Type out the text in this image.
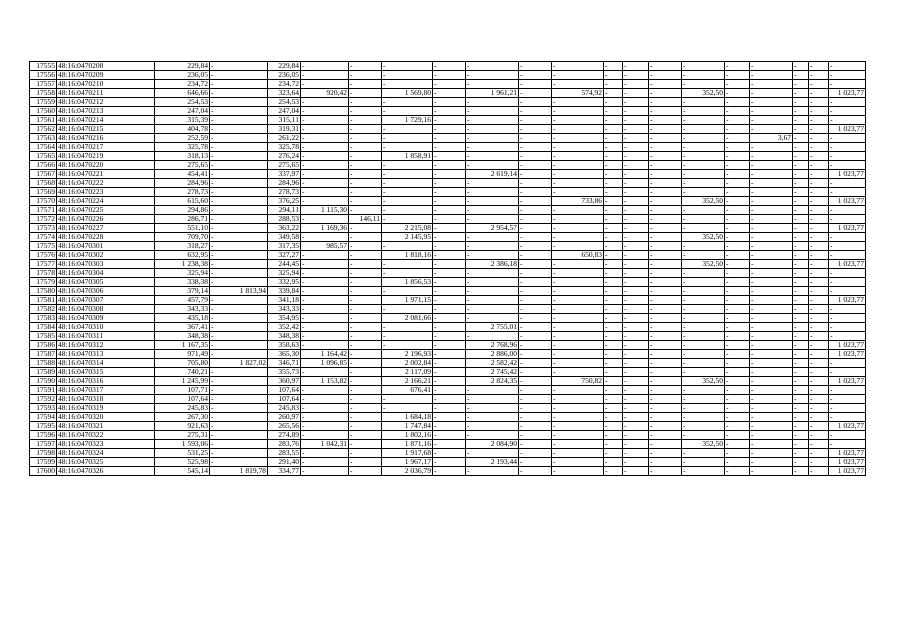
17555	48:16:0470208	229,84	-	229,84	-	-	-	-	-	-	-	-	-	-	-	-	-	-	-	-
17556	48:16:0470209	236,05	-	236,05	-	-	-	-	-	-	-	-	-	-	-	-	-	-	-	-
17557	48:16:0470210	234,72	-	234,72	-	-	-	-	-	-	-	-	-	-	-	-	-	-	-	-
17558	48:16:0470211	646,66	-	323,64	920,42	-	1 569,80	-	1 961,21	-	574,92	-	-	-	352,50	-	-	-	-	1 023,77
17559	48:16:0470212	254,53	-	254,53	-	-	-	-	-	-	-	-	-	-	-	-	-	-	-	-
17560	48:16:0470213	247,04	-	247,04	-	-	-	-	-	-	-	-	-	-	-	-	-	-	-	-
17561	48:16:0470214	315,39	-	315,11	-	-	1 729,16	-	-	-	-	-	-	-	-	-	-	-	-	-
17562	48:16:0470215	404,78	-	319,31	-	-	-	-	-	-	-	-	-	-	-	-	-	-	-	1 023,77
17563	48:16:0470216	252,59	-	261,22	-	-	-	-	-	-	-	-	-	-	-	-	3,67	-	-	-
17564	48:16:0470217	325,78	-	325,78	-	-	-	-	-	-	-	-	-	-	-	-	-	-	-	-
17565	48:16:0470219	318,13	-	276,24	-	-	1 858,91	-	-	-	-	-	-	-	-	-	-	-	-	-
17566	48:16:0470220	275,65	-	275,65	-	-	-	-	-	-	-	-	-	-	-	-	-	-	-	-
17567	48:16:0470221	454,41	-	337,97	-	-	-	-	2 619,14	-	-	-	-	-	-	-	-	-	-	1 023,77
17568	48:16:0470222	284,96	-	284,96	-	-	-	-	-	-	-	-	-	-	-	-	-	-	-	-
17569	48:16:0470223	278,73	-	278,73	-	-	-	-	-	-	-	-	-	-	-	-	-	-	-	-
17570	48:16:0470224	615,60	-	376,25	-	-	-	-	-	-	733,86	-	-	-	352,50	-	-	-	-	1 023,77
17571	48:16:0470225	294,86	-	294,11	1 115,30	-	-	-	-	-	-	-	-	-	-	-	-	-	-	-
17572	48:16:0470226	286,71	-	288,53	-	146,11	-	-	-	-	-	-	-	-	-	-	-	-	-	-
17573	48:16:0470227	551,10	-	363,22	1 169,36	-	2 215,08	-	2 954,57	-	-	-	-	-	-	-	-	-	-	1 023,77
17574	48:16:0470228	709,70	-	349,58	-	-	2 145,95	-	-	-	-	-	-	-	352,50	-	-	-	-	-
17575	48:16:0470301	318,27	-	317,35	985,57	-	-	-	-	-	-	-	-	-	-	-	-	-	-	-
17576	48:16:0470302	632,95	-	327,27	-	-	1 818,16	-	-	-	650,83	-	-	-	-	-	-	-	-	-
17577	48:16:0470303	1 238,38	-	244,45	-	-	-	-	2 386,18	-	-	-	-	-	352,50	-	-	-	-	1 023,77
17578	48:16:0470304	325,94	-	325,94	-	-	-	-	-	-	-	-	-	-	-	-	-	-	-	-
17579	48:16:0470305	338,38	-	332,95	-	-	1 856,53	-	-	-	-	-	-	-	-	-	-	-	-	-
17580	48:16:0470306	379,14	1 813,94	339,84	-	-	-	-	-	-	-	-	-	-	-	-	-	-	-	-
17581	48:16:0470307	457,79	-	341,18	-	-	1 971,15	-	-	-	-	-	-	-	-	-	-	-	-	1 023,77
17582	48:16:0470308	343,33	-	343,33	-	-	-	-	-	-	-	-	-	-	-	-	-	-	-	-
17583	48:16:0470309	435,18	-	354,95	-	-	2 081,66	-	-	-	-	-	-	-	-	-	-	-	-	-
17584	48:16:0470310	367,41	-	352,42	-	-	-	-	2 755,01	-	-	-	-	-	-	-	-	-	-	-
17585	48:16:0470311	348,38	-	348,38	-	-	-	-	-	-	-	-	-	-	-	-	-	-	-	-
17586	48:16:0470312	1 167,35	-	358,63	-	-	-	-	2 768,96	-	-	-	-	-	-	-	-	-	-	1 023,77
17587	48:16:0470313	971,49	-	365,30	1 164,42	-	2 196,93	-	2 886,00	-	-	-	-	-	-	-	-	-	-	1 023,77
17588	48:16:0470314	705,80	1 827,02	346,71	1 096,85	-	2 002,84	-	2 582,42	-	-	-	-	-	-	-	-	-	-	-
17589	48:16:0470315	740,21	-	355,73	-	-	2 117,09	-	2 745,42	-	-	-	-	-	-	-	-	-	-	-
17590	48:16:0470316	1 245,99	-	360,97	1 153,82	-	2 166,21	-	2 824,35	-	750,82	-	-	-	352,50	-	-	-	-	1 023,77
17591	48:16:0470317	107,71	-	107,64	-	-	676,41	-	-	-	-	-	-	-	-	-	-	-	-	-
17592	48:16:0470318	107,64	-	107,64	-	-	-	-	-	-	-	-	-	-	-	-	-	-	-	-
17593	48:16:0470319	245,83	-	245,83	-	-	-	-	-	-	-	-	-	-	-	-	-	-	-	-
17594	48:16:0470320	267,30	-	260,97	-	-	1 684,18	-	-	-	-	-	-	-	-	-	-	-	-	-
17595	48:16:0470321	921,63	-	265,56	-	-	1 747,84	-	-	-	-	-	-	-	-	-	-	-	-	1 023,77
17596	48:16:0470322	275,31	-	274,89	-	-	1 802,16	-	-	-	-	-	-	-	-	-	-	-	-	-
17597	48:16:0470323	1 593,06	-	283,76	1 042,31	-	1 871,16	-	2 084,90	-	-	-	-	-	352,50	-	-	-	-	-
17598	48:16:0470324	531,25	-	283,55	-	-	1 917,68	-	-	-	-	-	-	-	-	-	-	-	-	1 023,77
17599	48:16:0470325	525,98	-	291,40	-	-	1 967,17	-	2 193,44	-	-	-	-	-	-	-	-	-	-	1 023,77
17600	48:16:0470326	545,14	1 819,78	334,77	-	-	2 036,79	-	-	-	-	-	-	-	-	-	-	-	-	1 023,77
